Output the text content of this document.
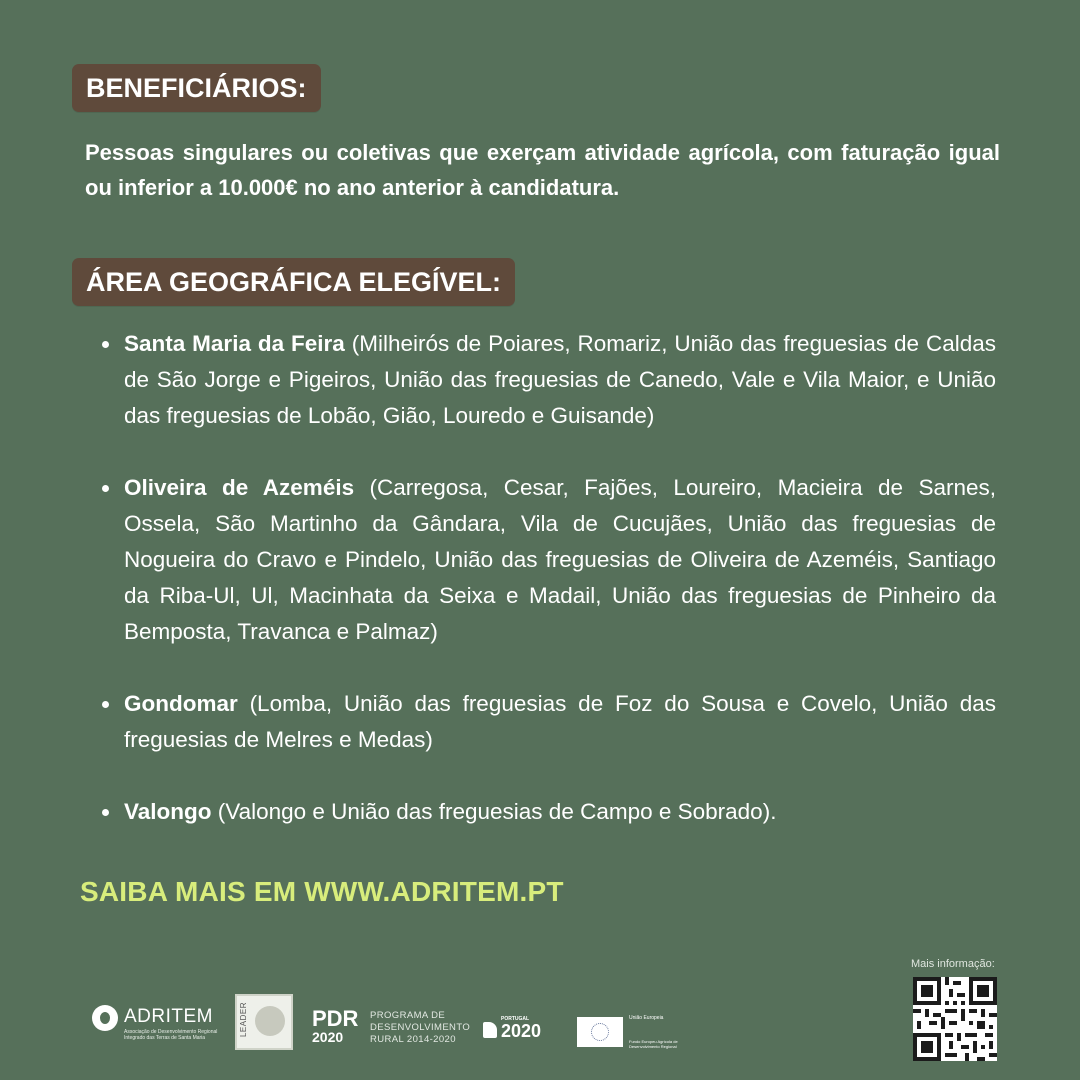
BENEFICIÁRIOS:
Pessoas singulares ou coletivas que exerçam atividade agrícola, com faturação igual ou inferior a 10.000€ no ano anterior à candidatura.
ÁREA GEOGRÁFICA ELEGÍVEL:
Santa Maria da Feira (Milheirós de Poiares, Romariz, União das freguesias de Caldas de São Jorge e Pigeiros, União das freguesias de Canedo, Vale e Vila Maior, e União das freguesias de Lobão, Gião, Louredo e Guisande)
Oliveira de Azeméis (Carregosa, Cesar, Fajões, Loureiro, Macieira de Sarnes, Ossela, São Martinho da Gândara, Vila de Cucujães, União das freguesias de Nogueira do Cravo e Pindelo, União das freguesias de Oliveira de Azeméis, Santiago da Riba-Ul, Ul, Macinhata da Seixa e Madail, União das freguesias de Pinheiro da Bemposta, Travanca e Palmaz)
Gondomar (Lomba, União das freguesias de Foz do Sousa e Covelo, União das freguesias de Melres e Medas)
Valongo (Valongo e União das freguesias de Campo e Sobrado).
SAIBA MAIS EM WWW.ADRITEM.PT
ADRITEM
Associação de Desenvolvimento Regional Integrado das Terras de Santa Maria
LEADER	PDR
2020
PROGRAMA DE DESENVOLVIMENTO RURAL 2014-2020
PORTUGAL
2020
União Europeia
Fundo Europeu Agrícola de Desenvolvimento Regional
Mais informação:
